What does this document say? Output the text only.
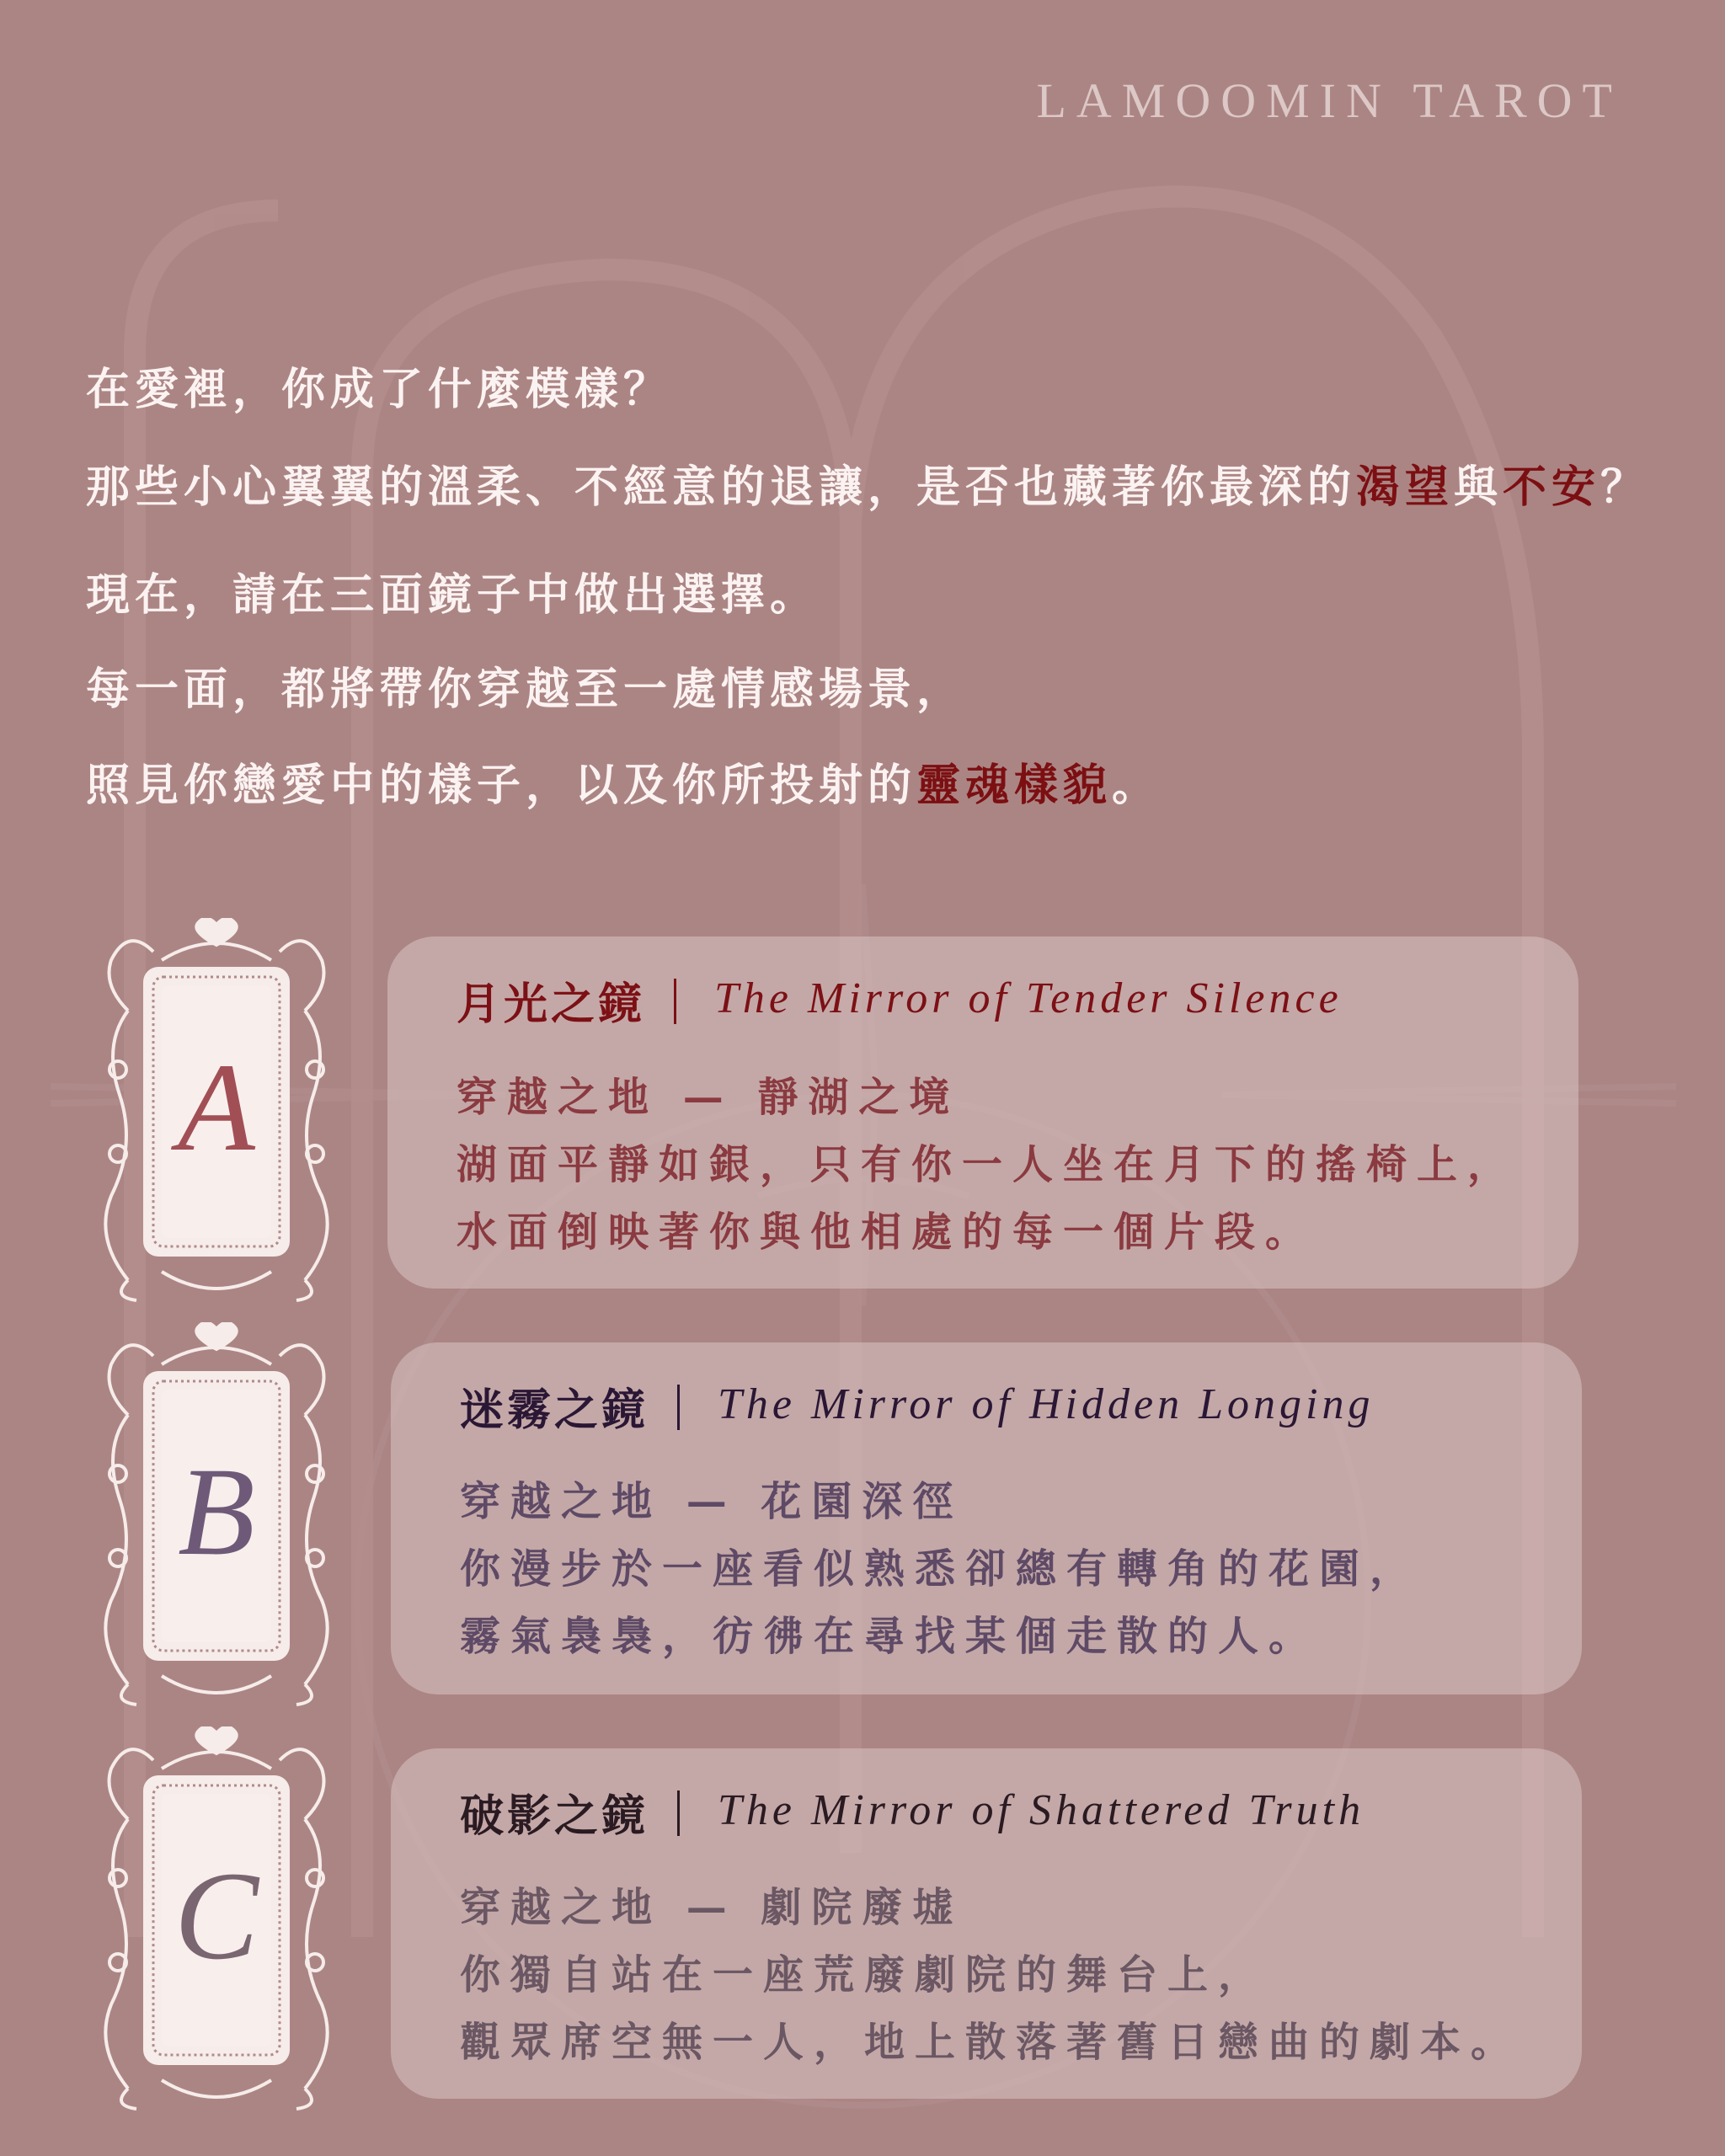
LAMOOMIN TAROT
在愛裡，你成了什麼模樣？
那些小心翼翼的溫柔、不經意的退讓，是否也藏著你最深的渴望與不安？
現在，請在三面鏡子中做出選擇。
每一面，都將帶你穿越至一處情感場景，
照見你戀愛中的樣子，以及你所投射的靈魂樣貌。
A
月光之鏡 The Mirror of Tender Silence
穿越之地 — 靜湖之境
湖面平靜如銀，只有你一人坐在月下的搖椅上，
水面倒映著你與他相處的每一個片段。
B
迷霧之鏡 The Mirror of Hidden Longing
穿越之地 — 花園深徑
你漫步於一座看似熟悉卻總有轉角的花園，
霧氣裊裊，彷彿在尋找某個走散的人。
C
破影之鏡 The Mirror of Shattered Truth
穿越之地 — 劇院廢墟
你獨自站在一座荒廢劇院的舞台上，
觀眾席空無一人，地上散落著舊日戀曲的劇本。
